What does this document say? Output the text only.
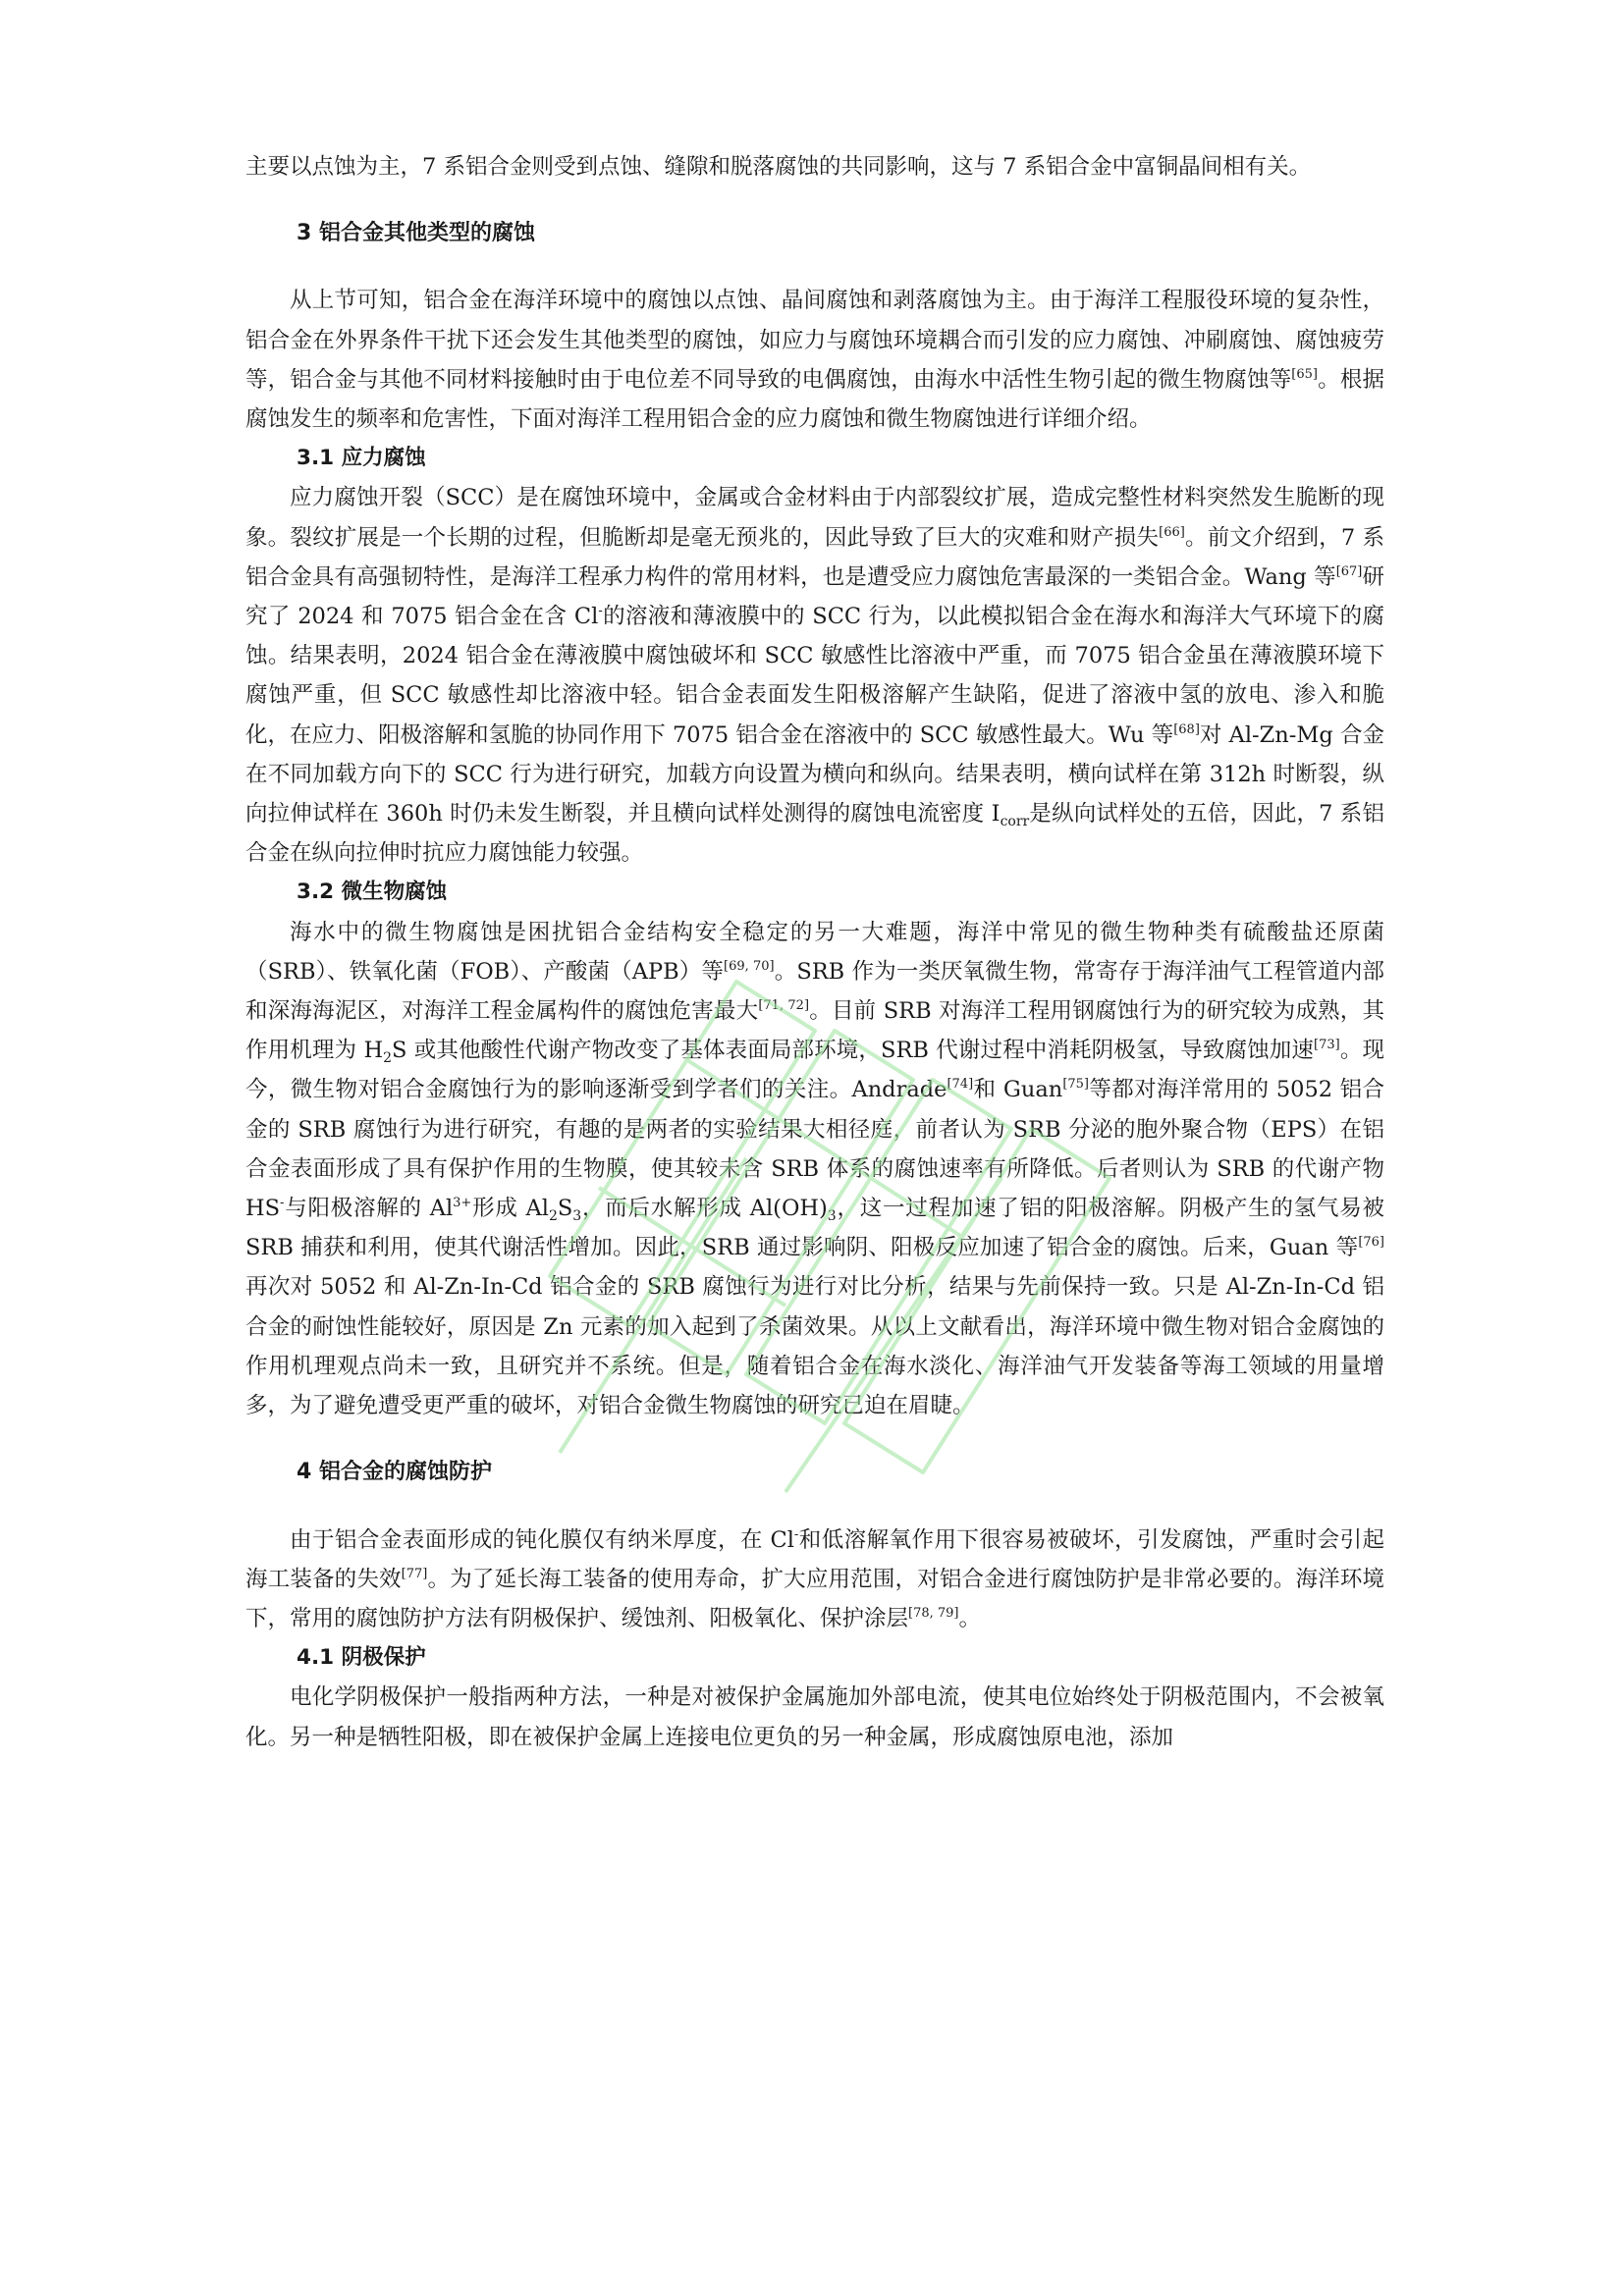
主要以点蚀为主，7 系铝合金则受到点蚀、缝隙和脱落腐蚀的共同影响，这与 7 系铝合金中富铜晶间相有关。

3 铝合金其他类型的腐蚀

从上节可知，铝合金在海洋环境中的腐蚀以点蚀、晶间腐蚀和剥落腐蚀为主。由于海洋工程服役环境的复杂性，铝合金在外界条件干扰下还会发生其他类型的腐蚀，如应力与腐蚀环境耦合而引发的应力腐蚀、冲刷腐蚀、腐蚀疲劳等，铝合金与其他不同材料接触时由于电位差不同导致的电偶腐蚀，由海水中活性生物引起的微生物腐蚀等[65]。根据腐蚀发生的频率和危害性，下面对海洋工程用铝合金的应力腐蚀和微生物腐蚀进行详细介绍。

3.1 应力腐蚀

应力腐蚀开裂（SCC）是在腐蚀环境中，金属或合金材料由于内部裂纹扩展，造成完整性材料突然发生脆断的现象。裂纹扩展是一个长期的过程，但脆断却是毫无预兆的，因此导致了巨大的灾难和财产损失[66]。前文介绍到，7 系铝合金具有高强韧特性，是海洋工程承力构件的常用材料，也是遭受应力腐蚀危害最深的一类铝合金。Wang 等[67]研究了 2024 和 7075 铝合金在含 Cl-的溶液和薄液膜中的 SCC 行为，以此模拟铝合金在海水和海洋大气环境下的腐蚀。结果表明，2024 铝合金在薄液膜中腐蚀破坏和 SCC 敏感性比溶液中严重，而 7075 铝合金虽在薄液膜环境下腐蚀严重，但 SCC 敏感性却比溶液中轻。铝合金表面发生阳极溶解产生缺陷，促进了溶液中氢的放电、渗入和脆化，在应力、阳极溶解和氢脆的协同作用下 7075 铝合金在溶液中的 SCC 敏感性最大。Wu 等[68]对 Al-Zn-Mg 合金在不同加载方向下的 SCC 行为进行研究，加载方向设置为横向和纵向。结果表明，横向试样在第 312h 时断裂，纵向拉伸试样在 360h 时仍未发生断裂，并且横向试样处测得的腐蚀电流密度 $I_{corr}$是纵向试样处的五倍，因此，7 系铝合金在纵向拉伸时抗应力腐蚀能力较强。

3.2 微生物腐蚀

海水中的微生物腐蚀是困扰铝合金结构安全稳定的另一大难题，海洋中常见的微生物种类有硫酸盐还原菌（SRB）、铁氧化菌（FOB）、产酸菌（APB）等[69, 70]。SRB 作为一类厌氧微生物，常寄存于海洋油气工程管道内部和深海海泥区，对海洋工程金属构件的腐蚀危害最大[71, 72]。目前 SRB 对海洋工程用钢腐蚀行为的研究较为成熟，其作用机理为 $H_2S$ 或其他酸性代谢产物改变了基体表面局部环境，SRB 代谢过程中消耗阴极氢，导致腐蚀加速[73]。现今，微生物对铝合金腐蚀行为的影响逐渐受到学者们的关注。Andrade[74]和 Guan[75]等都对海洋常用的 5052 铝合金的 SRB 腐蚀行为进行研究，有趣的是两者的实验结果大相径庭，前者认为 SRB 分泌的胞外聚合物（EPS）在铝合金表面形成了具有保护作用的生物膜，使其较未含 SRB 体系的腐蚀速率有所降低。后者则认为 SRB 的代谢产物 HS-与阳极溶解的 $Al^{3+}$形成 $Al_2S_3$，而后水解形成 $Al(OH)_3$，这一过程加速了铝的阳极溶解。阴极产生的氢气易被 SRB 捕获和利用，使其代谢活性增加。因此，SRB 通过影响阴、阳极反应加速了铝合金的腐蚀。后来，Guan 等[76]再次对 5052 和 Al-Zn-In-Cd 铝合金的 SRB 腐蚀行为进行对比分析，结果与先前保持一致。只是 Al-Zn-In-Cd 铝合金的耐蚀性能较好，原因是 Zn 元素的加入起到了杀菌效果。从以上文献看出，海洋环境中微生物对铝合金腐蚀的作用机理观点尚未一致，且研究并不系统。但是，随着铝合金在海水淡化、海洋油气开发装备等海工领域的用量增多，为了避免遭受更严重的破坏，对铝合金微生物腐蚀的研究已迫在眉睫。

4 铝合金的腐蚀防护

由于铝合金表面形成的钝化膜仅有纳米厚度，在 Cl-和低溶解氧作用下很容易被破坏，引发腐蚀，严重时会引起海工装备的失效[77]。为了延长海工装备的使用寿命，扩大应用范围，对铝合金进行腐蚀防护是非常必要的。海洋环境下，常用的腐蚀防护方法有阴极保护、缓蚀剂、阳极氧化、保护涂层[78, 79]。

4.1 阴极保护

电化学阴极保护一般指两种方法，一种是对被保护金属施加外部电流，使其电位始终处于阴极范围内，不会被氧化。另一种是牺牲阳极，即在被保护金属上连接电位更负的另一种金属，形成腐蚀原电池，添加
